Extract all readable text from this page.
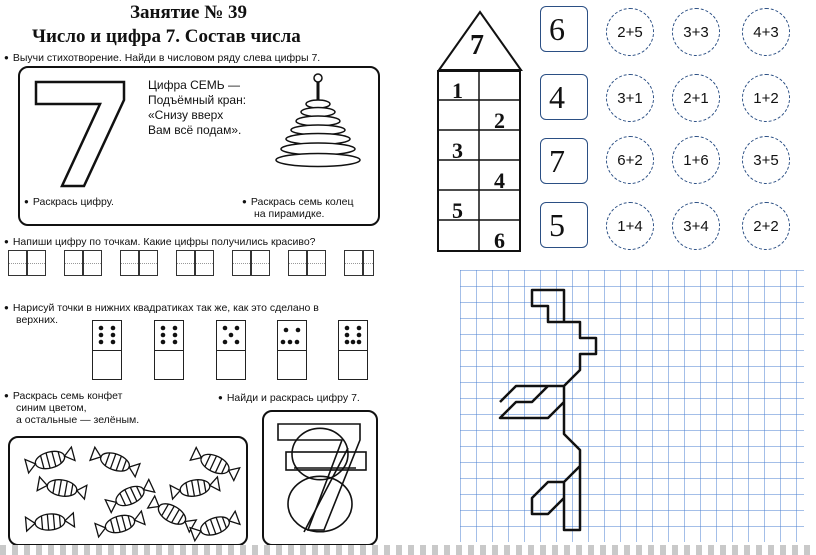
Занятие № 39
Число и цифра 7. Состав числа
● Выучи стихотворение. Найди в числовом ряду слева цифры 7.
Цифра СЕМЬ —
Подъёмный кран:
«Снизу вверх
Вам всё подам».
● Раскрась цифру.
●	Раскрась семь колец
на пирамидке.
● Напиши цифру по точкам. Какие цифры получились красиво?
● Нарисуй точки в нижних квадратиках так же, как это сделано в
верхних.
● Раскрась семь конфет
синим цветом,
а остальные — зелёным.
● Найди и раскрась цифру 7.
7
1
2
3
4
5
6
6
4
7
5
2+5	3+3	4+3
3+1	2+1	1+2
6+2	1+6	3+5
1+4	3+4	2+2
